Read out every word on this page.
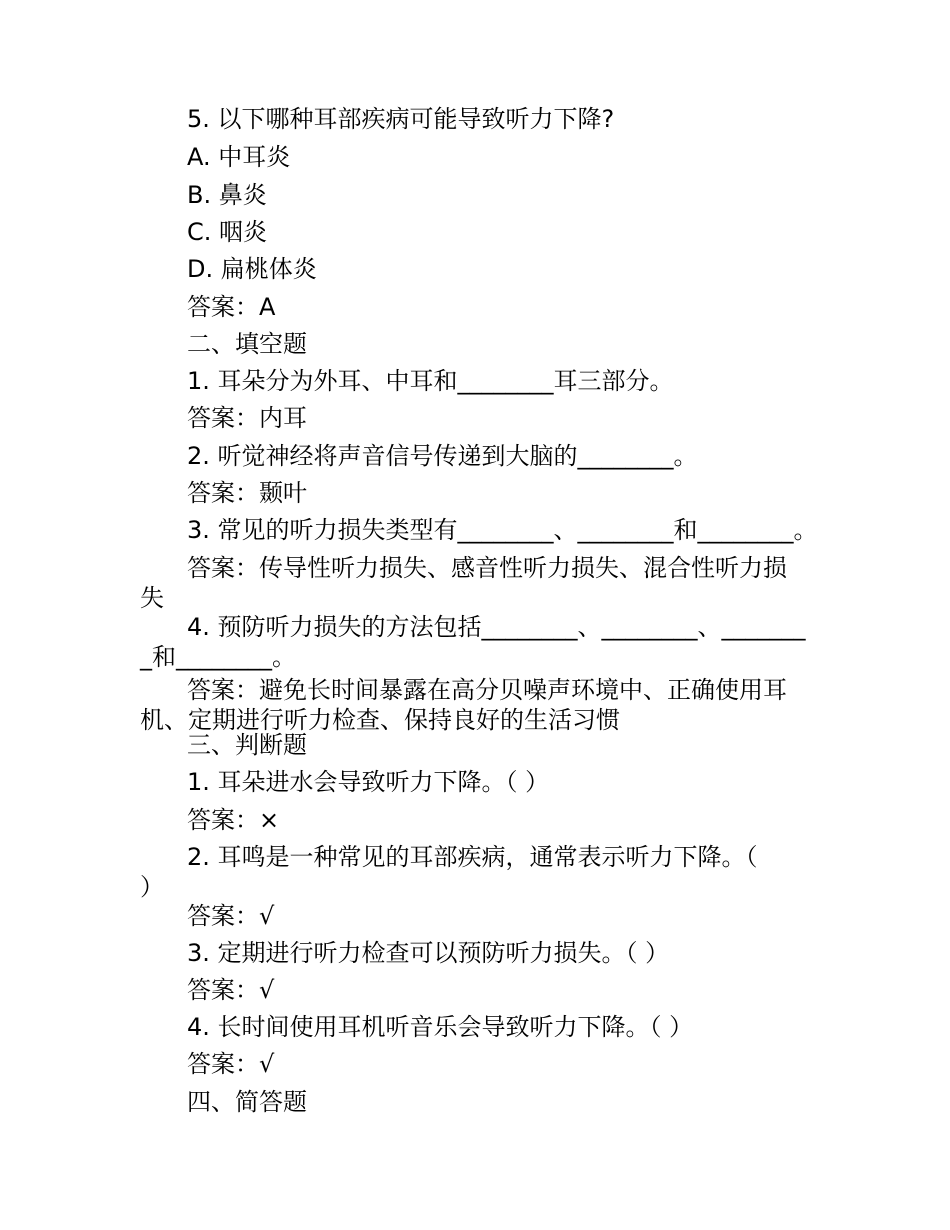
5. 以下哪种耳部疾病可能导致听力下降?
A. 中耳炎
B. 鼻炎
C. 咽炎
D. 扁桃体炎
答案：A
二、填空题
1. 耳朵分为外耳、中耳和________耳三部分。
答案：内耳
2. 听觉神经将声音信号传递到大脑的________。
答案：颞叶
3. 常见的听力损失类型有________、________和________。
答案：传导性听力损失、感音性听力损失、混合性听力损失
4. 预防听力损失的方法包括________、________、________和________。
答案：避免长时间暴露在高分贝噪声环境中、正确使用耳机、定期进行听力检查、保持良好的生活习惯
三、判断题
1. 耳朵进水会导致听力下降。（ ）
答案：×
2. 耳鸣是一种常见的耳部疾病，通常表示听力下降。（ ）
答案：√
3. 定期进行听力检查可以预防听力损失。（ ）
答案：√
4. 长时间使用耳机听音乐会导致听力下降。（ ）
答案：√
四、简答题
